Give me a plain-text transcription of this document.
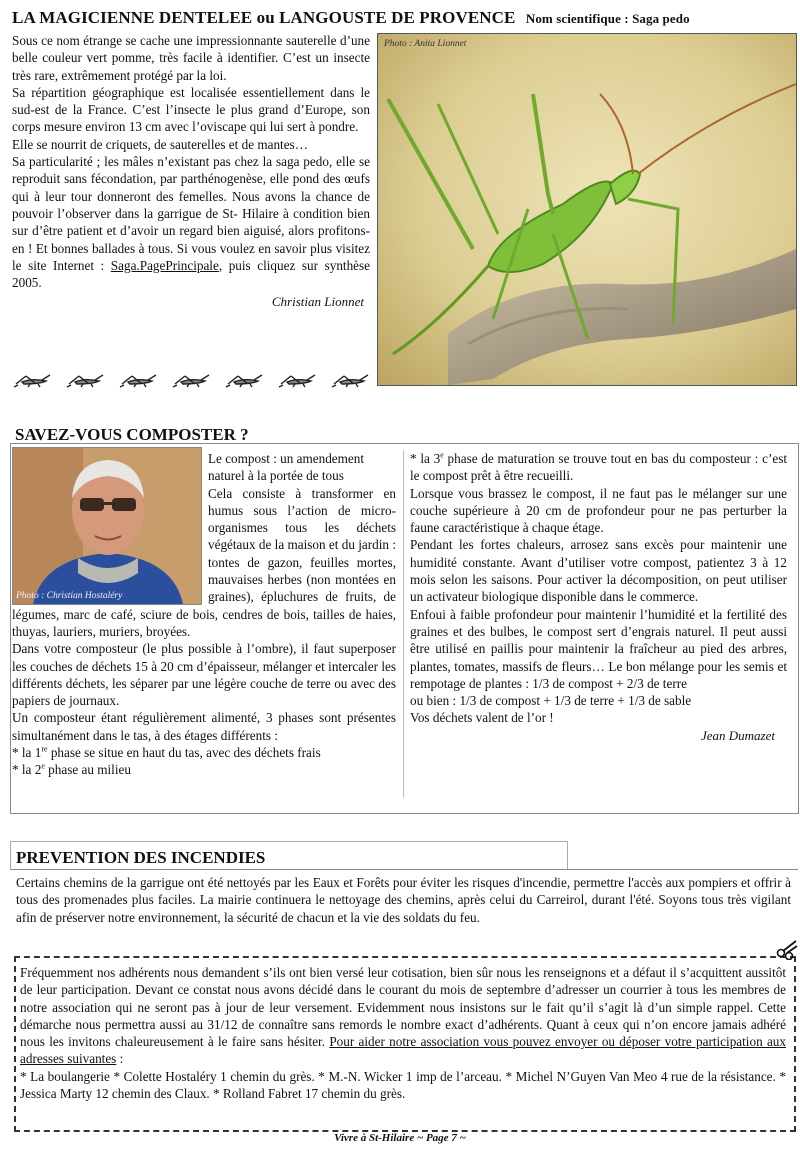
LA MAGICIENNE DENTELEE ou LANGOUSTE DE PROVENCE Nom scientifique : Saga pedo

Sous ce nom étrange se cache une impressionnante sauterelle d’une belle couleur vert pomme, très facile à identifier. C’est un insecte très rare, extrêmement protégé par la loi.

Sa répartition géographique est localisée essentiellement dans le sud-est de la France. C’est l’insecte le plus grand d’Europe, son corps mesure environ 13 cm avec l’oviscape qui lui sert à pondre.

Elle se nourrit de criquets, de sauterelles et de mantes…

Sa particularité ; les mâles n’existant pas chez la saga pedo, elle se reproduit sans fécondation, par parthénogenèse, elle pond des œufs qui à leur tour donneront des femelles. Nous avons la chance de pouvoir l’observer dans la garrigue de St- Hilaire à condition bien sur d’être patient et d’avoir un regard bien aiguisé, alors profitons-en ! Et bonnes ballades à tous. Si vous voulez en savoir plus visitez le site Internet : Saga.PagePrincipale, puis cliquez sur synthèse 2005.

Christian Lionnet

Photo : Anita Lionnet
SAVEZ-VOUS COMPOSTER ?
Photo : Christian Hostaléry

Le compost : un amendement naturel à la portée de tous

Cela consiste à transformer en humus sous l’action de micro-organismes tous les déchets végétaux de la maison et du jardin : tontes de gazon, feuilles mortes, mauvaises herbes (non montées en graines), épluchures de fruits, de légumes, marc de café, sciure de bois, cendres de bois, tailles de haies, thuyas, lauriers, muriers, broyées.

Dans votre composteur (le plus possible à l’ombre), il faut superposer les couches de déchets 15 à 20 cm d’épaisseur, mélanger et intercaler les différents déchets, les séparer par une légère couche de terre ou avec des papiers de journaux.

Un composteur étant régulièrement alimenté, 3 phases sont présentes simultanément dans le tas, à des étages différents :

* la 1re phase se situe en haut du tas, avec des déchets frais

* la 2e phase au milieu

* la 3e phase de maturation se trouve tout en bas du composteur : c’est le compost prêt à être recueilli.

Lorsque vous brassez le compost, il ne faut pas le mélanger sur une couche supérieure à 20 cm de profondeur pour ne pas perturber la faune caractéristique à chaque étage.

Pendant les fortes chaleurs, arrosez sans excès pour maintenir une humidité constante. Avant d’utiliser votre compost, patientez 3 à 12 mois selon les saisons. Pour activer la décomposition, on peut utiliser un activateur biologique disponible dans le commerce.

Enfoui à faible profondeur pour maintenir l’humidité et la fertilité des graines et des bulbes, le compost sert d’engrais naturel. Il peut aussi être utilisé en paillis pour maintenir la fraîcheur au pied des arbres, plantes, tomates, massifs de fleurs… Le bon mélange pour les semis et rempotage de plantes : 1/3 de compost + 2/3 de terre

ou bien : 1/3 de compost + 1/3 de terre + 1/3 de sable

Vos déchets valent de l’or !

Jean Dumazet

PREVENTION DES INCENDIES
Certains chemins de la garrigue ont été nettoyés par les Eaux et Forêts pour éviter les risques d'incendie, permettre l'accès aux pompiers et offrir à tous des promenades plus faciles. La mairie continuera le nettoyage des chemins, après celui du Carreirol, durant l'été. Soyons tous très vigilant afin de préserver notre environnement, la sécurité de chacun et la vie des soldats du feu.
Fréquemment nos adhérents nous demandent s’ils ont bien versé leur cotisation, bien sûr nous les renseignons et a défaut il s’acquittent aussitôt de leur participation. Devant ce constat nous avons décidé dans le courant du mois de septembre d’adresser un courrier à tous les membres de notre association qui ne seront pas à jour de leur versement. Evidemment nous insistons sur le fait qu’il s’agit là d’un simple rappel. Cette démarche nous permettra aussi au 31/12 de connaître sans remords le nombre exact d’adhérents. Quant à ceux qui n’on encore jamais adhéré nous les invitons chaleureusement à le faire sans hésiter. Pour aider notre association vous pouvez envoyer ou déposer votre participation aux adresses suivantes :
* La boulangerie * Colette Hostaléry 1 chemin du grès. * M.-N. Wicker 1 imp de l’arceau. * Michel N’Guyen Van Meo 4 rue de la résistance. * Jessica Marty 12 chemin des Claux. * Rolland Fabret 17 chemin du grès.
Vivre à St-Hilaire ~ Page 7 ~
